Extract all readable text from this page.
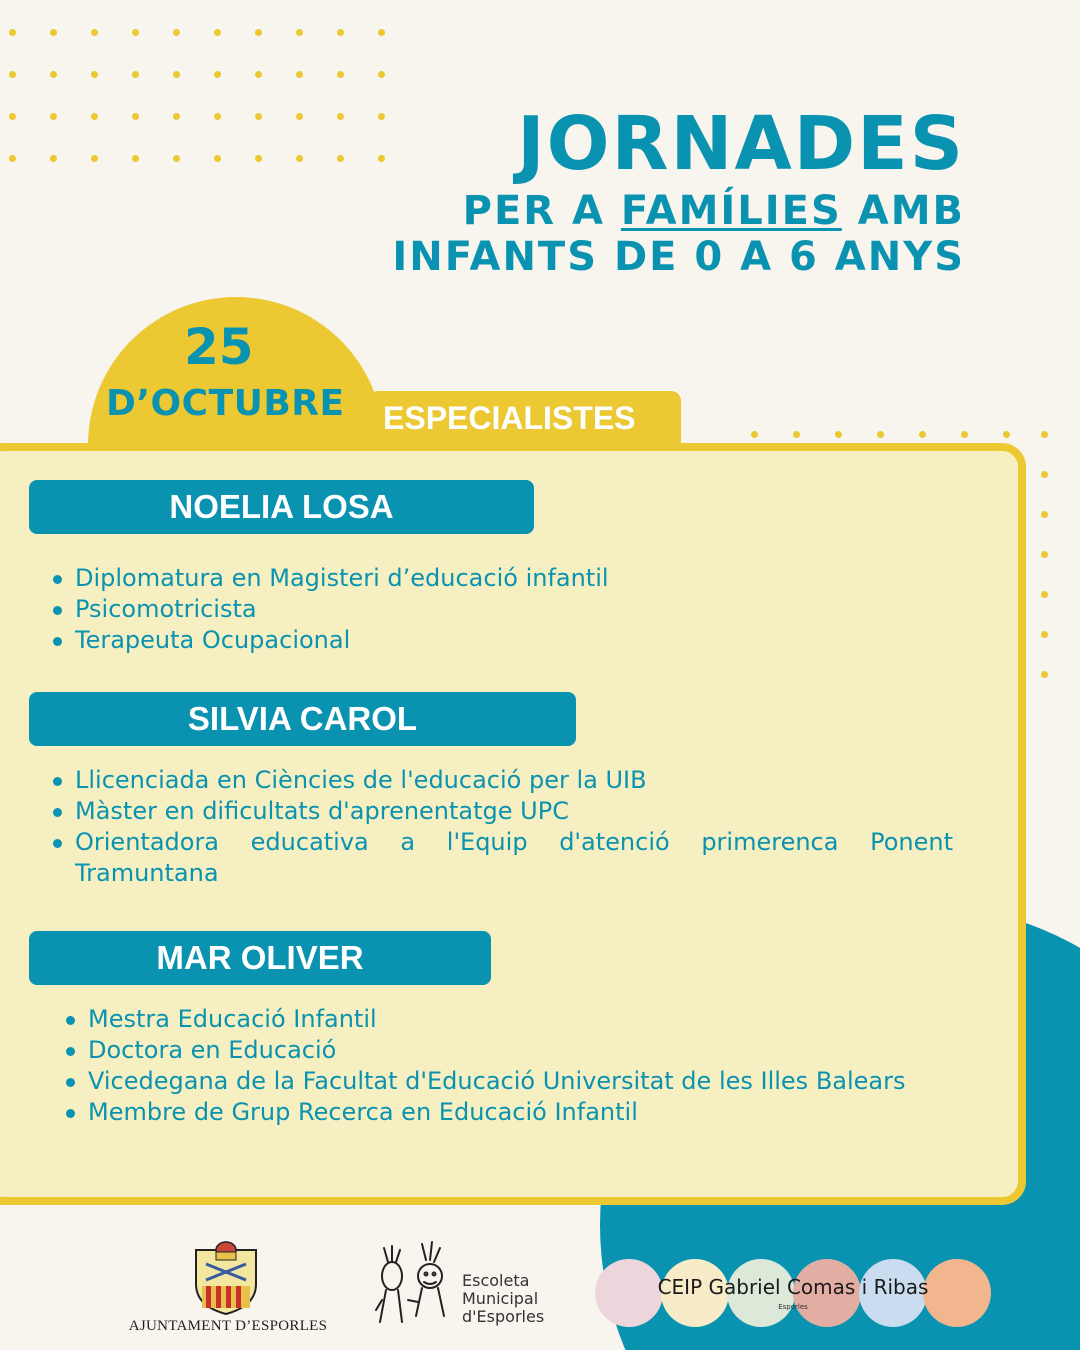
JORNADES
PER A FAMÍLIES AMB
INFANTS DE 0 A 6 ANYS
25
ESPECIALISTES
D’OCTUBRE
NOELIA LOSA
Diplomatura en Magisteri d’educació infantil
Psicomotricista
Terapeuta Ocupacional
SILVIA CAROL
Llicenciada en Ciències de l'educació per la UIB
Màster en dificultats d'aprenentatge UPC
Orientadora educativa a l'Equip d'atenció primerenca Ponent Tramuntana
MAR OLIVER
Mestra Educació Infantil
Doctora en Educació
Vicedegana de la Facultat d'Educació Universitat de les Illes Balears
Membre de Grup Recerca en Educació Infantil
AJUNTAMENT D’ESPORLES
Escoleta
Municipal
d'Esporles
CEIP Gabriel Comas i Ribas
Esporles
